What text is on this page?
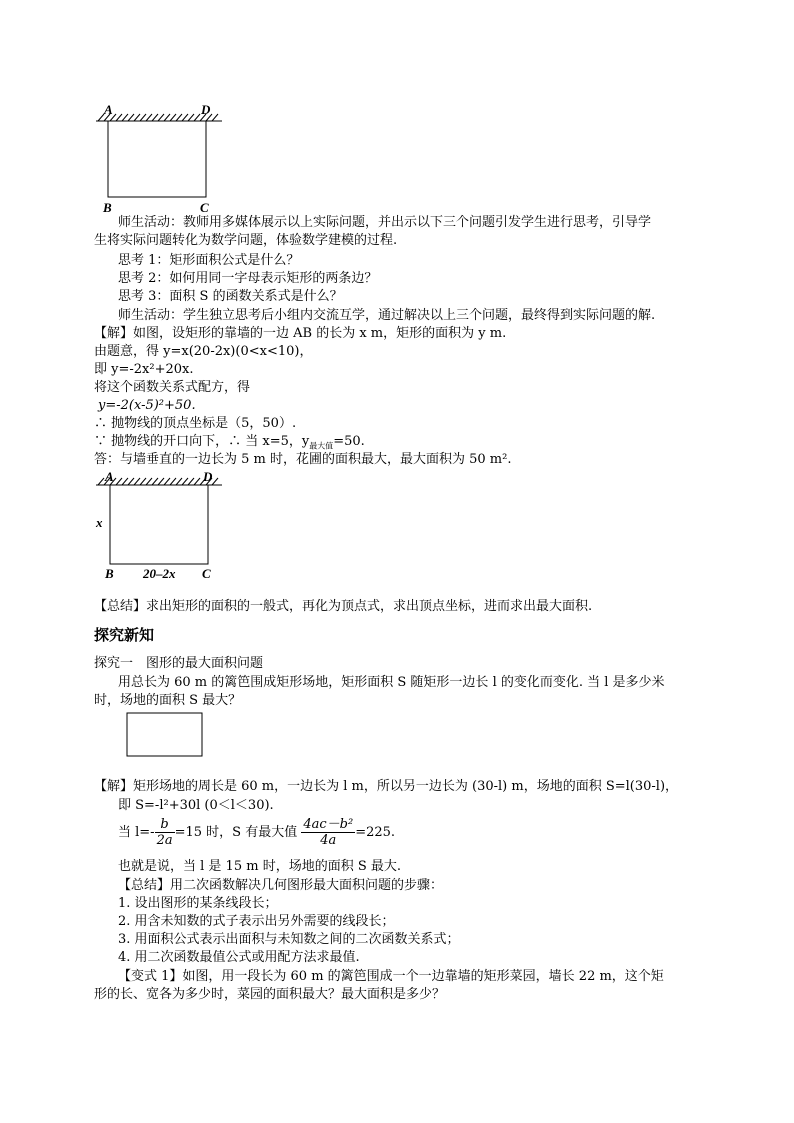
A	D
B	C
师生活动：教师用多媒体展示以上实际问题，并出示以下三个问题引发学生进行思考，引导学
生将实际问题转化为数学问题，体验数学建模的过程.
思考 1：矩形面积公式是什么？
思考 2：如何用同一字母表示矩形的两条边？
思考 3：面积 S 的函数关系式是什么？
师生活动：学生独立思考后小组内交流互学，通过解决以上三个问题，最终得到实际问题的解.
【解】如图，设矩形的靠墙的一边 AB 的长为 x m，矩形的面积为 y m.
由题意，得 y=x(20-2x)(0<x<10)，
即 y=-2x²+20x.
将这个函数关系式配方，得
y=-2(x-5)²+50.
∴ 抛物线的顶点坐标是（5，50）.
∵ 抛物线的开口向下，∴ 当 x=5，$y_{最大值}=50$.
答：与墙垂直的一边长为 5 m 时，花圃的面积最大，最大面积为 50 m².
A	D
x
B 20–2x C
【总结】求出矩形的面积的一般式，再化为顶点式，求出顶点坐标，进而求出最大面积.
探究新知
探究一　图形的最大面积问题
用总长为 60 m 的篱笆围成矩形场地，矩形面积 S 随矩形一边长 l 的变化而变化. 当 l 是多少米
时，场地的面积 S 最大？
【解】矩形场地的周长是 60 m，一边长为 l m，所以另一边长为 (30-l) m，场地的面积 S=l(30-l)，
即 S=-l²+30l (0＜l＜30).
当 $l=- \frac{b}{2a} =15$ 时，S 有最大值 $\frac{\text{4ac－b²}}{4a} =225$.
也就是说，当 l 是 15 m 时，场地的面积 S 最大.
【总结】用二次函数解决几何图形最大面积问题的步骤：
1. 设出图形的某条线段长；
2. 用含未知数的式子表示出另外需要的线段长；
3. 用面积公式表示出面积与未知数之间的二次函数关系式；
4. 用二次函数最值公式或用配方法求最值.
【变式 1】如图，用一段长为 60 m 的篱笆围成一个一边靠墙的矩形菜园，墙长 22 m，这个矩
形的长、宽各为多少时，菜园的面积最大？最大面积是多少？
